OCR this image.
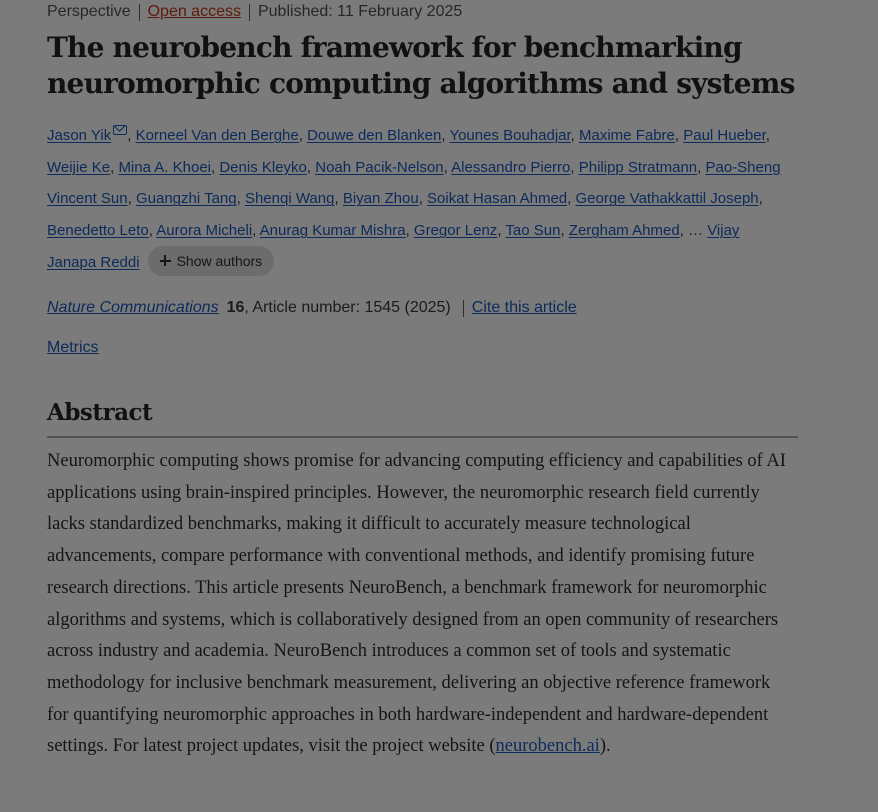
Perspective Open access Published: 11 February 2025
The neurobench framework for benchmarking neuromorphic computing algorithms and systems
Jason Yik , Korneel Van den Berghe, Douwe den Blanken, Younes Bouhadjar, Maxime Fabre, Paul Hueber, Weijie Ke, Mina A. Khoei, Denis Kleyko, Noah Pacik-Nelson, Alessandro Pierro, Philipp Stratmann, Pao-Sheng Vincent Sun, Guangzhi Tang, Shenqi Wang, Biyan Zhou, Soikat Hasan Ahmed, George Vathakkattil Joseph, Benedetto Leto, Aurora Micheli, Anurag Kumar Mishra, Gregor Lenz, Tao Sun, Zergham Ahmed, … Vijay Janapa Reddi	Show authors
Nature Communications 16 , Article number: 1545 (2025) Cite this article
Metrics
Abstract

Neuromorphic computing shows promise for advancing computing efficiency and capabilities of AI applications using brain-inspired principles. However, the neuromorphic research field currently lacks standardized benchmarks, making it difficult to accurately measure technological advancements, compare performance with conventional methods, and identify promising future research directions. This article presents NeuroBench, a benchmark framework for neuromorphic algorithms and systems, which is collaboratively designed from an open community of researchers across industry and academia. NeuroBench introduces a common set of tools and systematic methodology for inclusive benchmark measurement, delivering an objective reference framework for quantifying neuromorphic approaches in both hardware-independent and hardware-dependent settings. For latest project updates, visit the project website (neurobench.ai).
